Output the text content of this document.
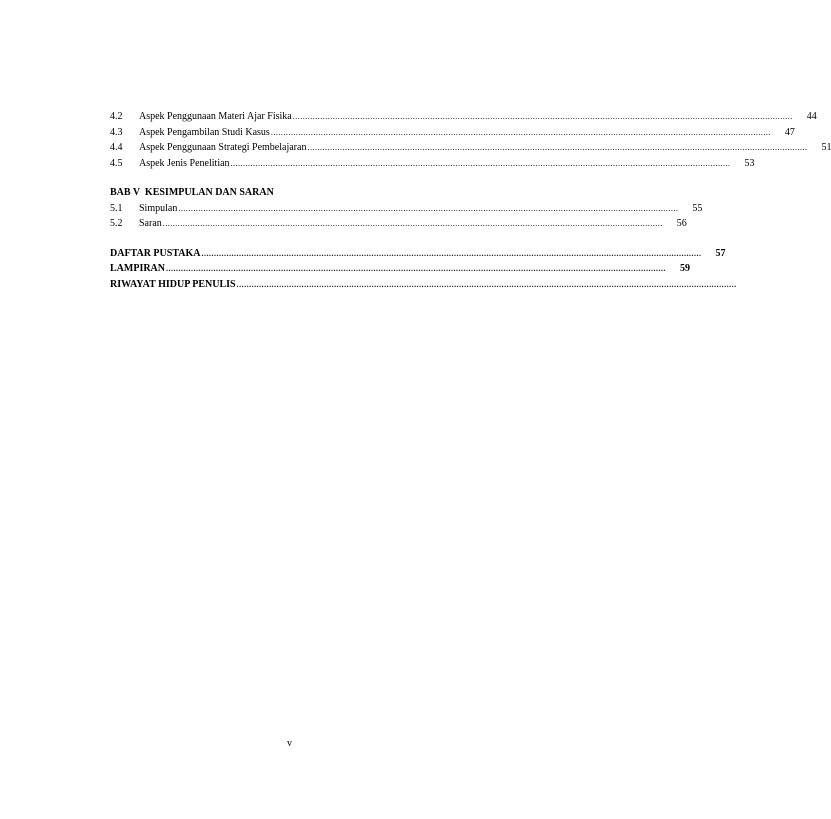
4.2	Aspek Penggunaan Materi Ajar Fisika ........................................................................................................................................................................................................	44
4.3	Aspek Pengambilan Studi Kasus ........................................................................................................................................................................................................	47
4.4	Aspek Penggunaan Strategi Pembelajaran ........................................................................................................................................................................................................	51
4.5	Aspek Jenis Penelitian ........................................................................................................................................................................................................	53
BAB V  KESIMPULAN DAN SARAN
5.1	Simpulan ........................................................................................................................................................................................................	55
5.2	Saran ........................................................................................................................................................................................................	56
DAFTAR PUSTAKA ........................................................................................................................................................................................................	57
LAMPIRAN ........................................................................................................................................................................................................	59
RIWAYAT HIDUP PENULIS ........................................................................................................................................................................................................
v
